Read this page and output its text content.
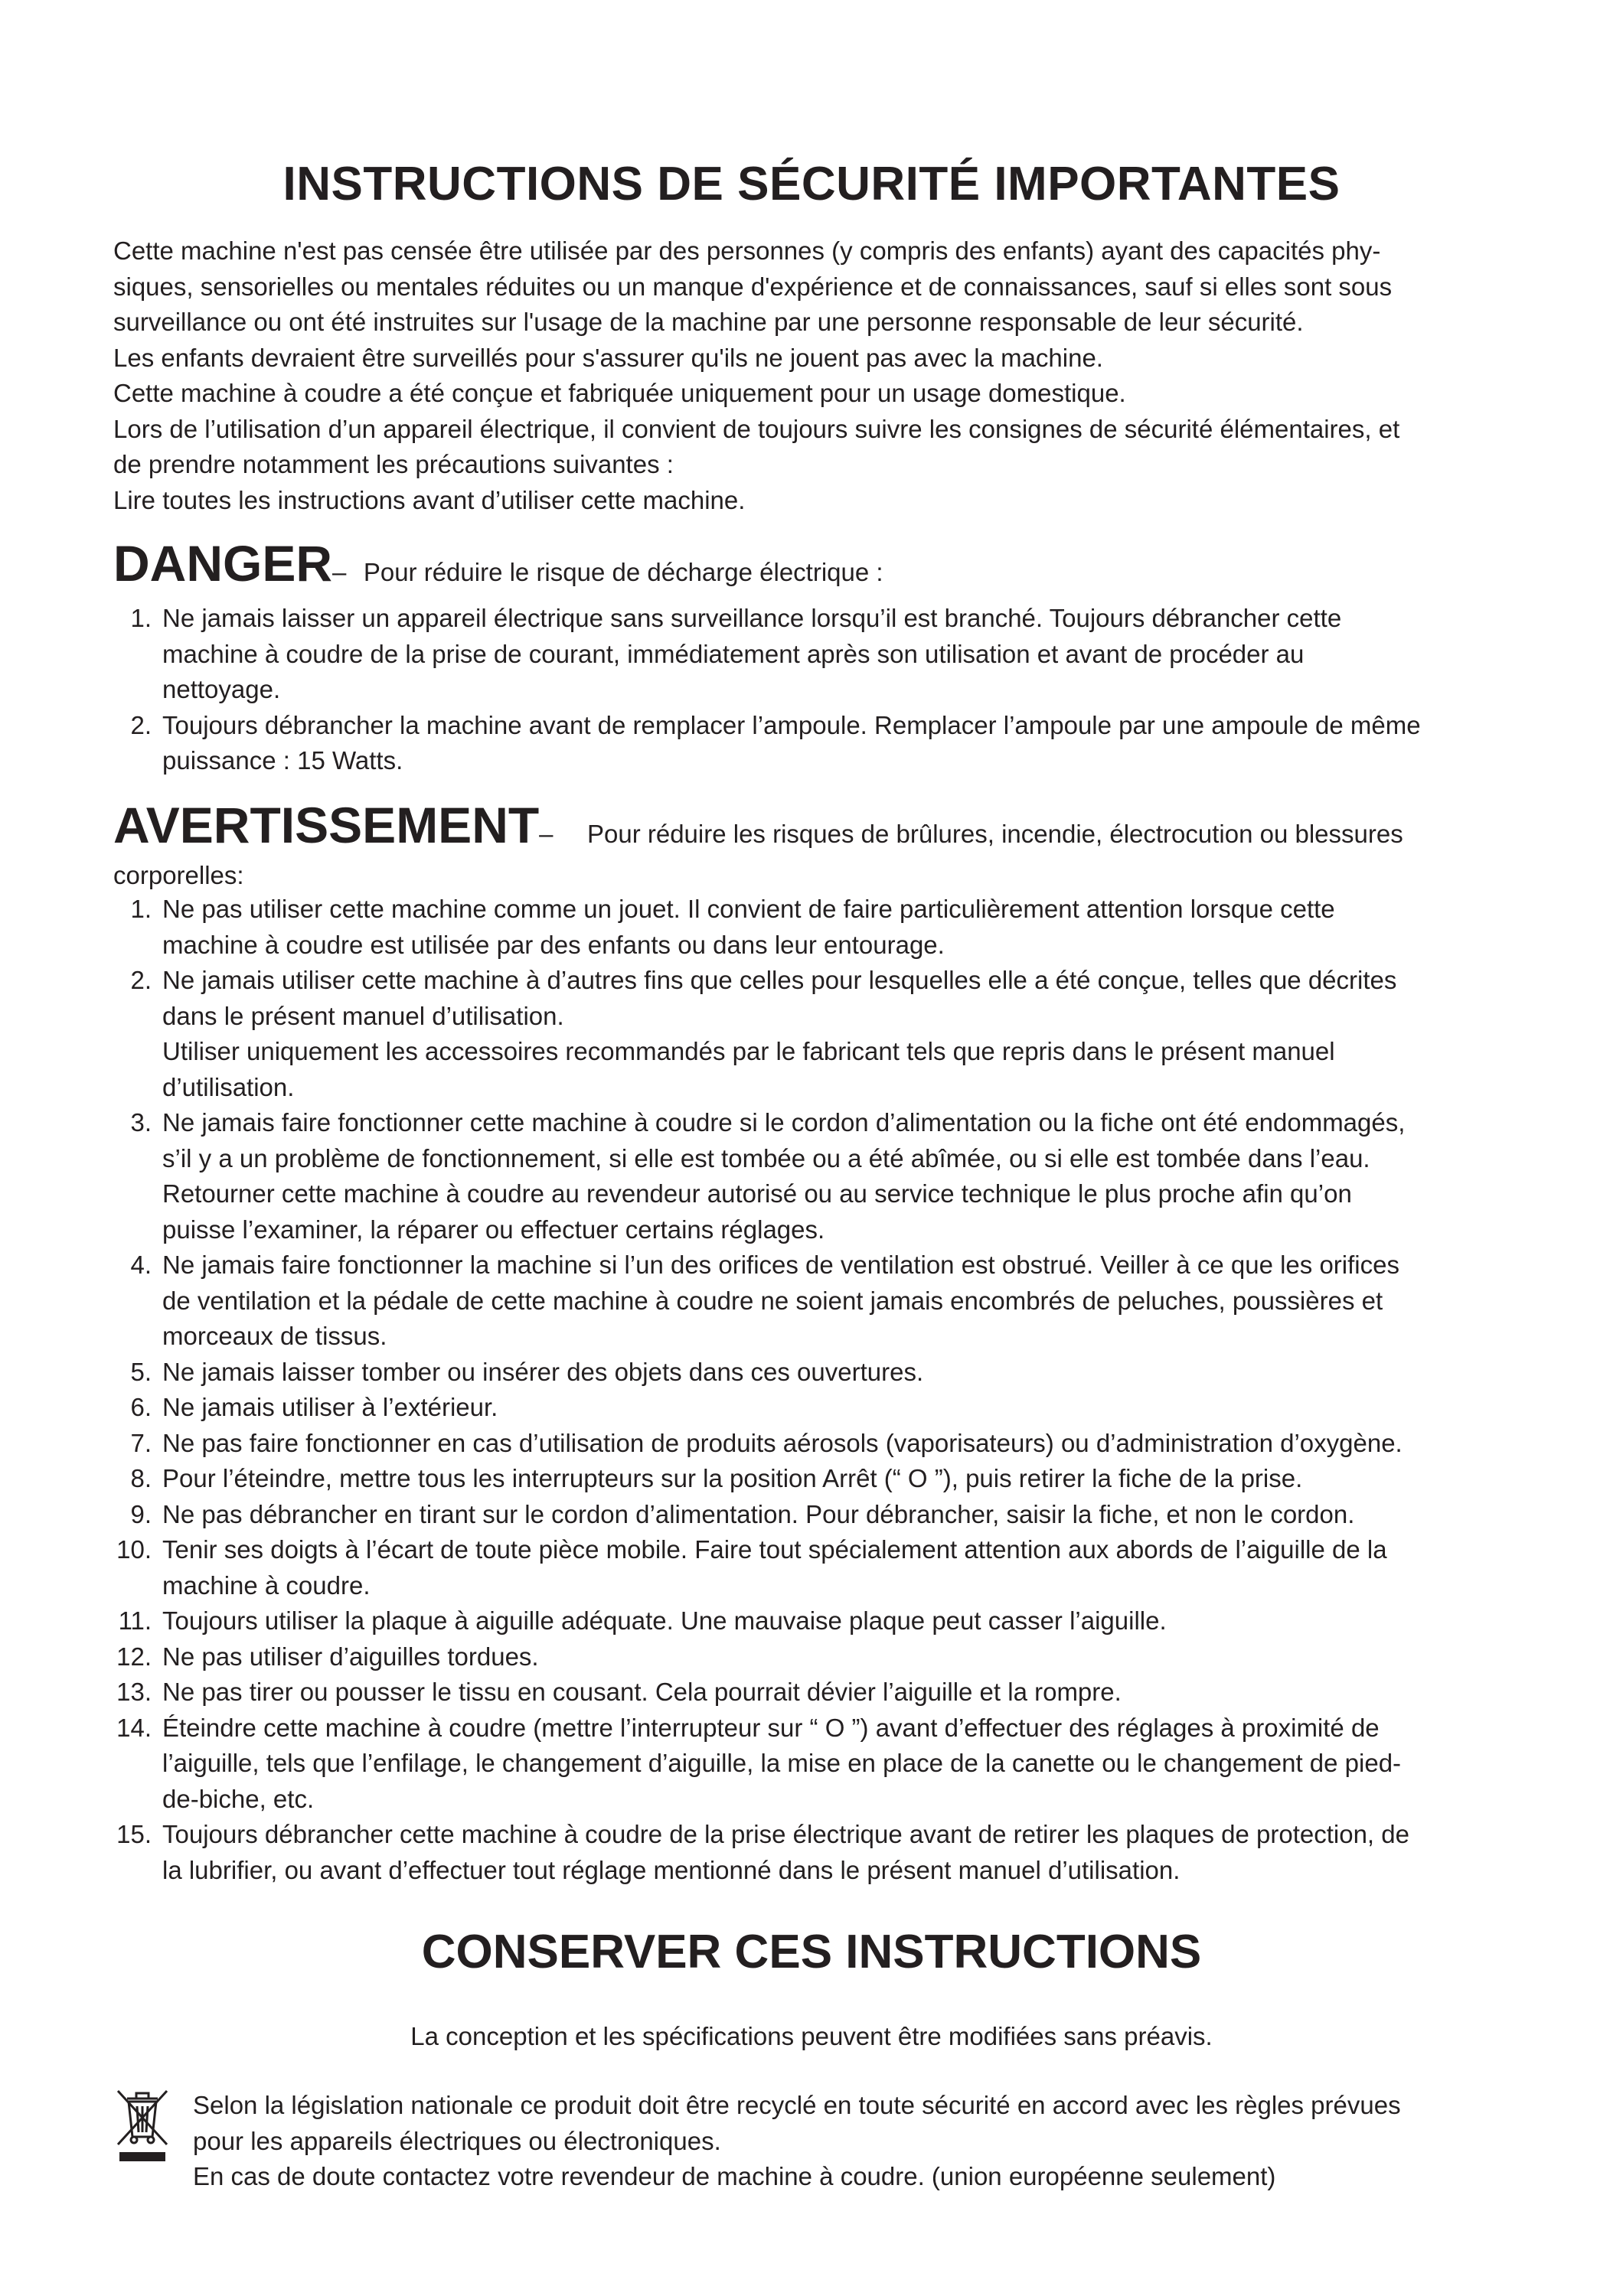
INSTRUCTIONS DE SÉCURITÉ IMPORTANTES

Cette machine n'est pas censée être utilisée par des personnes (y compris des enfants) ayant des capacités phy-

siques, sensorielles ou mentales réduites ou un manque d'expérience et de connaissances, sauf si elles sont sous

surveillance ou ont été instruites sur l'usage de la machine par une personne responsable de leur sécurité.

Les enfants devraient être surveillés pour s'assurer qu'ils ne jouent pas avec la machine.

Cette machine à coudre a été conçue et fabriquée uniquement pour un usage domestique.

Lors de l’utilisation d’un appareil électrique, il convient de toujours suivre les consignes de sécurité élémentaires, et

de prendre notamment les précautions suivantes :

Lire toutes les instructions avant d’utiliser cette machine.

DANGER– Pour réduire le risque de décharge électrique :
1. Ne jamais laisser un appareil électrique sans surveillance lorsqu’il est branché. Toujours débrancher cette
machine à coudre de la prise de courant, immédiatement après son utilisation et avant de procéder au
nettoyage.
2. Toujours débrancher la machine avant de remplacer l’ampoule. Remplacer l’ampoule par une ampoule de même
puissance : 15 Watts.
AVERTISSEMENT– Pour réduire les risques de brûlures, incendie, électrocution ou blessures
corporelles:
1. Ne pas utiliser cette machine comme un jouet. Il convient de faire particulièrement attention lorsque cette
machine à coudre est utilisée par des enfants ou dans leur entourage.
2. Ne jamais utiliser cette machine à d’autres fins que celles pour lesquelles elle a été conçue, telles que décrites
dans le présent manuel d’utilisation.
Utiliser uniquement les accessoires recommandés par le fabricant tels que repris dans le présent manuel
d’utilisation.
3. Ne jamais faire fonctionner cette machine à coudre si le cordon d’alimentation ou la fiche ont été endommagés,
s’il y a un problème de fonctionnement, si elle est tombée ou a été abîmée, ou si elle est tombée dans l’eau.
Retourner cette machine à coudre au revendeur autorisé ou au service technique le plus proche afin qu’on
puisse l’examiner, la réparer ou effectuer certains réglages.
4. Ne jamais faire fonctionner la machine si l’un des orifices de ventilation est obstrué. Veiller à ce que les orifices
de ventilation et la pédale de cette machine à coudre ne soient jamais encombrés de peluches, poussières et
morceaux de tissus.
5. Ne jamais laisser tomber ou insérer des objets dans ces ouvertures.
6. Ne jamais utiliser à l’extérieur.
7. Ne pas faire fonctionner en cas d’utilisation de produits aérosols (vaporisateurs) ou d’administration d’oxygène.
8. Pour l’éteindre, mettre tous les interrupteurs sur la position Arrêt (“ O ”), puis retirer la fiche de la prise.
9. Ne pas débrancher en tirant sur le cordon d’alimentation. Pour débrancher, saisir la fiche, et non le cordon.
10. Tenir ses doigts à l’écart de toute pièce mobile. Faire tout spécialement attention aux abords de l’aiguille de la
machine à coudre.
11. Toujours utiliser la plaque à aiguille adéquate. Une mauvaise plaque peut casser l’aiguille.
12. Ne pas utiliser d’aiguilles tordues.
13. Ne pas tirer ou pousser le tissu en cousant. Cela pourrait dévier l’aiguille et la rompre.
14. Éteindre cette machine à coudre (mettre l’interrupteur sur “ O ”) avant d’effectuer des réglages à proximité de
l’aiguille, tels que l’enfilage, le changement d’aiguille, la mise en place de la canette ou le changement de pied-
de-biche, etc.
15. Toujours débrancher cette machine à coudre de la prise électrique avant de retirer les plaques de protection, de
la lubrifier, ou avant d’effectuer tout réglage mentionné dans le présent manuel d’utilisation.
CONSERVER CES INSTRUCTIONS
La conception et les spécifications peuvent être modifiées sans préavis.

Selon la législation nationale ce produit doit être recyclé en toute sécurité en accord avec les règles prévues

pour les appareils électriques ou électroniques.

En cas de doute contactez votre revendeur de machine à coudre. (union européenne seulement)
